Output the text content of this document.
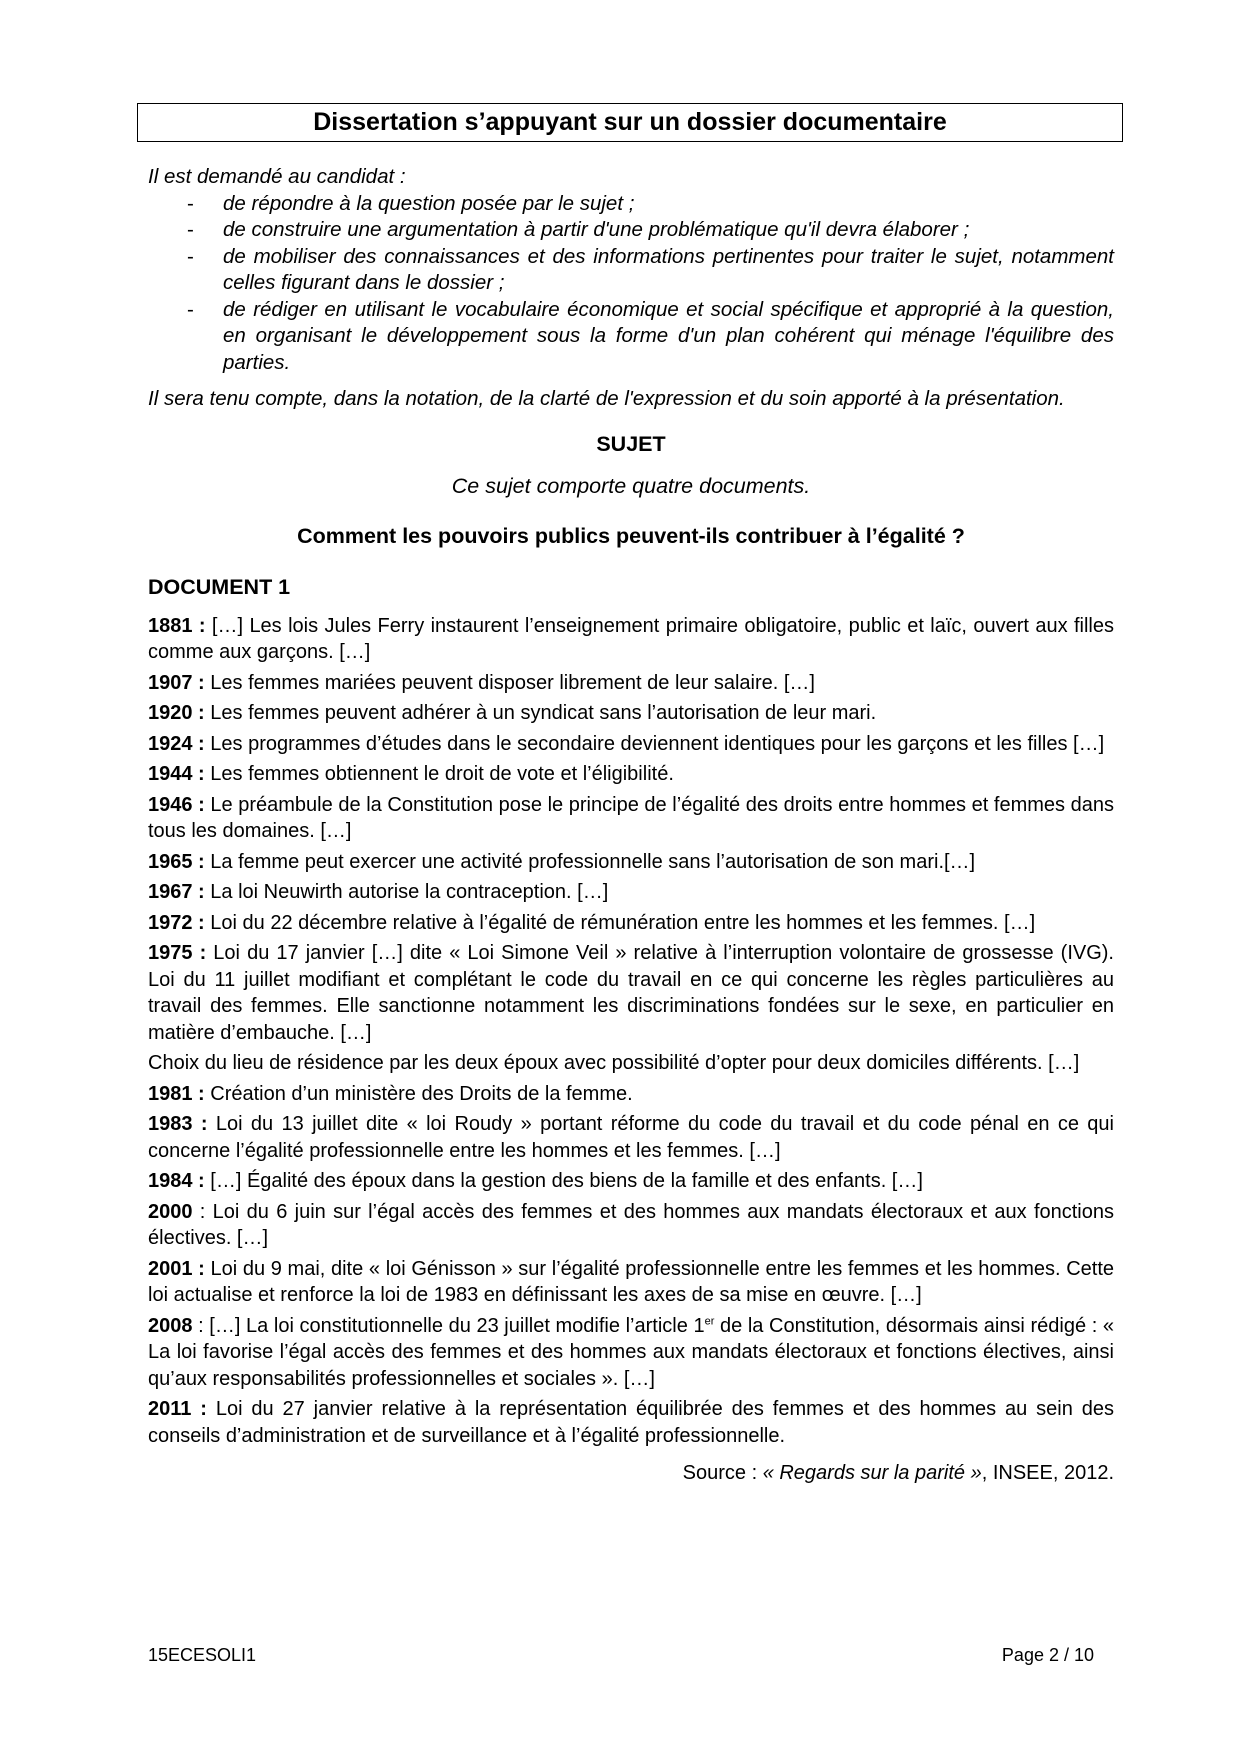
Dissertation s’appuyant sur un dossier documentaire
Il est demandé au candidat :
- de répondre à la question posée par le sujet ;
- de construire une argumentation à partir d'une problématique qu'il devra élaborer ;
- de mobiliser des connaissances et des informations pertinentes pour traiter le sujet, notamment celles figurant dans le dossier ;
- de rédiger en utilisant le vocabulaire économique et social spécifique et approprié à la question, en organisant le développement sous la forme d'un plan cohérent qui ménage l'équilibre des parties.
Il sera tenu compte, dans la notation, de la clarté de l'expression et du soin apporté à la présentation.
SUJET
Ce sujet comporte quatre documents.
Comment les pouvoirs publics peuvent-ils contribuer à l’égalité ?
DOCUMENT 1
1881 : […] Les lois Jules Ferry instaurent l’enseignement primaire obligatoire, public et laïc, ouvert aux filles comme aux garçons. […]
1907 : Les femmes mariées peuvent disposer librement de leur salaire. […]
1920 : Les femmes peuvent adhérer à un syndicat sans l’autorisation de leur mari.
1924 : Les programmes d’études dans le secondaire deviennent identiques pour les garçons et les filles […]
1944 : Les femmes obtiennent le droit de vote et l’éligibilité.
1946 : Le préambule de la Constitution pose le principe de l’égalité des droits entre hommes et femmes dans tous les domaines. […]
1965 : La femme peut exercer une activité professionnelle sans l’autorisation de son mari.[…]
1967 : La loi Neuwirth autorise la contraception. […]
1972 : Loi du 22 décembre relative à l’égalité de rémunération entre les hommes et les femmes. […]
1975 : Loi du 17 janvier […] dite « Loi Simone Veil » relative à l’interruption volontaire de grossesse (IVG). Loi du 11 juillet modifiant et complétant le code du travail en ce qui concerne les règles particulières au travail des femmes. Elle sanctionne notamment les discriminations fondées sur le sexe, en particulier en matière d’embauche. […]
Choix du lieu de résidence par les deux époux avec possibilité d’opter pour deux domiciles différents. […]
1981 : Création d’un ministère des Droits de la femme.
1983 : Loi du 13 juillet dite « loi Roudy » portant réforme du code du travail et du code pénal en ce qui concerne l’égalité professionnelle entre les hommes et les femmes. […]
1984 : […] Égalité des époux dans la gestion des biens de la famille et des enfants. […]
2000 : Loi du 6 juin sur l’égal accès des femmes et des hommes aux mandats électoraux et aux fonctions électives. […]
2001 : Loi du 9 mai, dite « loi Génisson » sur l’égalité professionnelle entre les femmes et les hommes. Cette loi actualise et renforce la loi de 1983 en définissant les axes de sa mise en œuvre. […]
2008 : […] La loi constitutionnelle du 23 juillet modifie l’article 1er de la Constitution, désormais ainsi rédigé : « La loi favorise l’égal accès des femmes et des hommes aux mandats électoraux et fonctions électives, ainsi qu’aux responsabilités professionnelles et sociales ». […]
2011 : Loi du 27 janvier relative à la représentation équilibrée des femmes et des hommes au sein des conseils d’administration et de surveillance et à l’égalité professionnelle.
Source : « Regards sur la parité », INSEE, 2012.
15ECESOLI1	Page 2 / 10
